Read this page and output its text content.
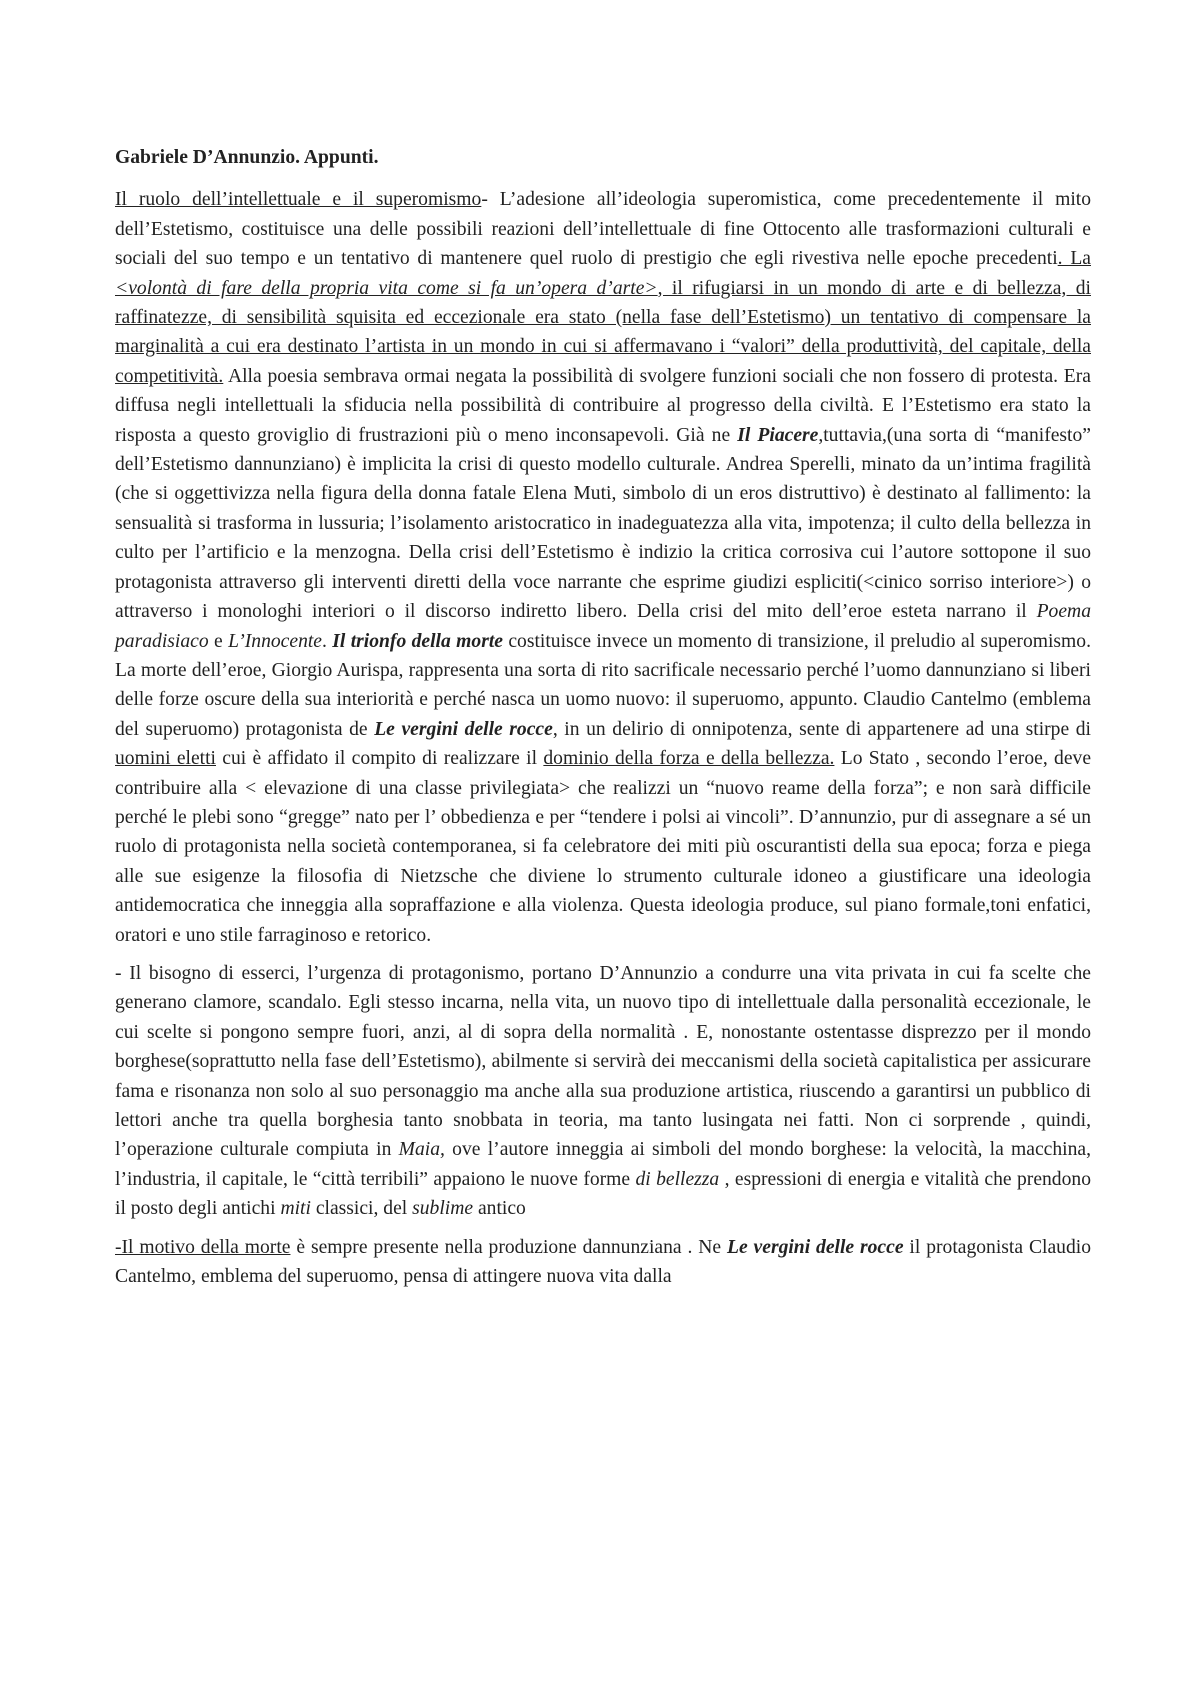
Gabriele D’Annunzio. Appunti.

Il ruolo dell’intellettuale e il superomismo- L’adesione all’ideologia superomistica, come precedentemente il mito dell’Estetismo, costituisce una delle possibili reazioni dell’intellettuale di fine Ottocento alle trasformazioni culturali e sociali del suo tempo e un tentativo di mantenere quel ruolo di prestigio che egli rivestiva nelle epoche precedenti. La <volontà di fare della propria vita come si fa un’opera d’arte>, il rifugiarsi in un mondo di arte e di bellezza, di raffinatezze, di sensibilità squisita ed eccezionale era stato (nella fase dell’Estetismo) un tentativo di compensare la marginalità a cui era destinato l’artista in un mondo in cui si affermavano i “valori” della produttività, del capitale, della competitività. Alla poesia sembrava ormai negata la possibilità di svolgere funzioni sociali che non fossero di protesta. Era diffusa negli intellettuali la sfiducia nella possibilità di contribuire al progresso della civiltà. E l’Estetismo era stato la risposta a questo groviglio di frustrazioni più o meno inconsapevoli. Già ne Il Piacere,tuttavia,(una sorta di “manifesto” dell’Estetismo dannunziano) è implicita la crisi di questo modello culturale. Andrea Sperelli, minato da un’intima fragilità (che si oggettivizza nella figura della donna fatale Elena Muti, simbolo di un eros distruttivo) è destinato al fallimento: la sensualità si trasforma in lussuria; l’isolamento aristocratico in inadeguatezza alla vita, impotenza; il culto della bellezza in culto per l’artificio e la menzogna. Della crisi dell’Estetismo è indizio la critica corrosiva cui l’autore sottopone il suo protagonista attraverso gli interventi diretti della voce narrante che esprime giudizi espliciti(<cinico sorriso interiore>) o attraverso i monologhi interiori o il discorso indiretto libero. Della crisi del mito dell’eroe esteta narrano il Poema paradisiaco e L’Innocente. Il trionfo della morte costituisce invece un momento di transizione, il preludio al superomismo. La morte dell’eroe, Giorgio Aurispa, rappresenta una sorta di rito sacrificale necessario perché l’uomo dannunziano si liberi delle forze oscure della sua interiorità e perché nasca un uomo nuovo: il superuomo, appunto. Claudio Cantelmo (emblema del superuomo) protagonista de Le vergini delle rocce, in un delirio di onnipotenza, sente di appartenere ad una stirpe di uomini eletti cui è affidato il compito di realizzare il dominio della forza e della bellezza. Lo Stato , secondo l’eroe, deve contribuire alla < elevazione di una classe privilegiata> che realizzi un “nuovo reame della forza”; e non sarà difficile perché le plebi sono “gregge” nato per l’ obbedienza e per “tendere i polsi ai vincoli”. D’annunzio, pur di assegnare a sé un ruolo di protagonista nella società contemporanea, si fa celebratore dei miti più oscurantisti della sua epoca; forza e piega alle sue esigenze la filosofia di Nietzsche che diviene lo strumento culturale idoneo a giustificare una ideologia antidemocratica che inneggia alla sopraffazione e alla violenza. Questa ideologia produce, sul piano formale,toni enfatici, oratori e uno stile farraginoso e retorico.

- Il bisogno di esserci, l’urgenza di protagonismo, portano D’Annunzio a condurre una vita privata in cui fa scelte che generano clamore, scandalo. Egli stesso incarna, nella vita, un nuovo tipo di intellettuale dalla personalità eccezionale, le cui scelte si pongono sempre fuori, anzi, al di sopra della normalità . E, nonostante ostentasse disprezzo per il mondo borghese(soprattutto nella fase dell’Estetismo), abilmente si servirà dei meccanismi della società capitalistica per assicurare fama e risonanza non solo al suo personaggio ma anche alla sua produzione artistica, riuscendo a garantirsi un pubblico di lettori anche tra quella borghesia tanto snobbata in teoria, ma tanto lusingata nei fatti. Non ci sorprende , quindi, l’operazione culturale compiuta in Maia, ove l’autore inneggia ai simboli del mondo borghese: la velocità, la macchina, l’industria, il capitale, le “città terribili” appaiono le nuove forme di bellezza , espressioni di energia e vitalità che prendono il posto degli antichi miti classici, del sublime antico

-Il motivo della morte è sempre presente nella produzione dannunziana . Ne Le vergini delle rocce il protagonista Claudio Cantelmo, emblema del superuomo, pensa di attingere nuova vita dalla
